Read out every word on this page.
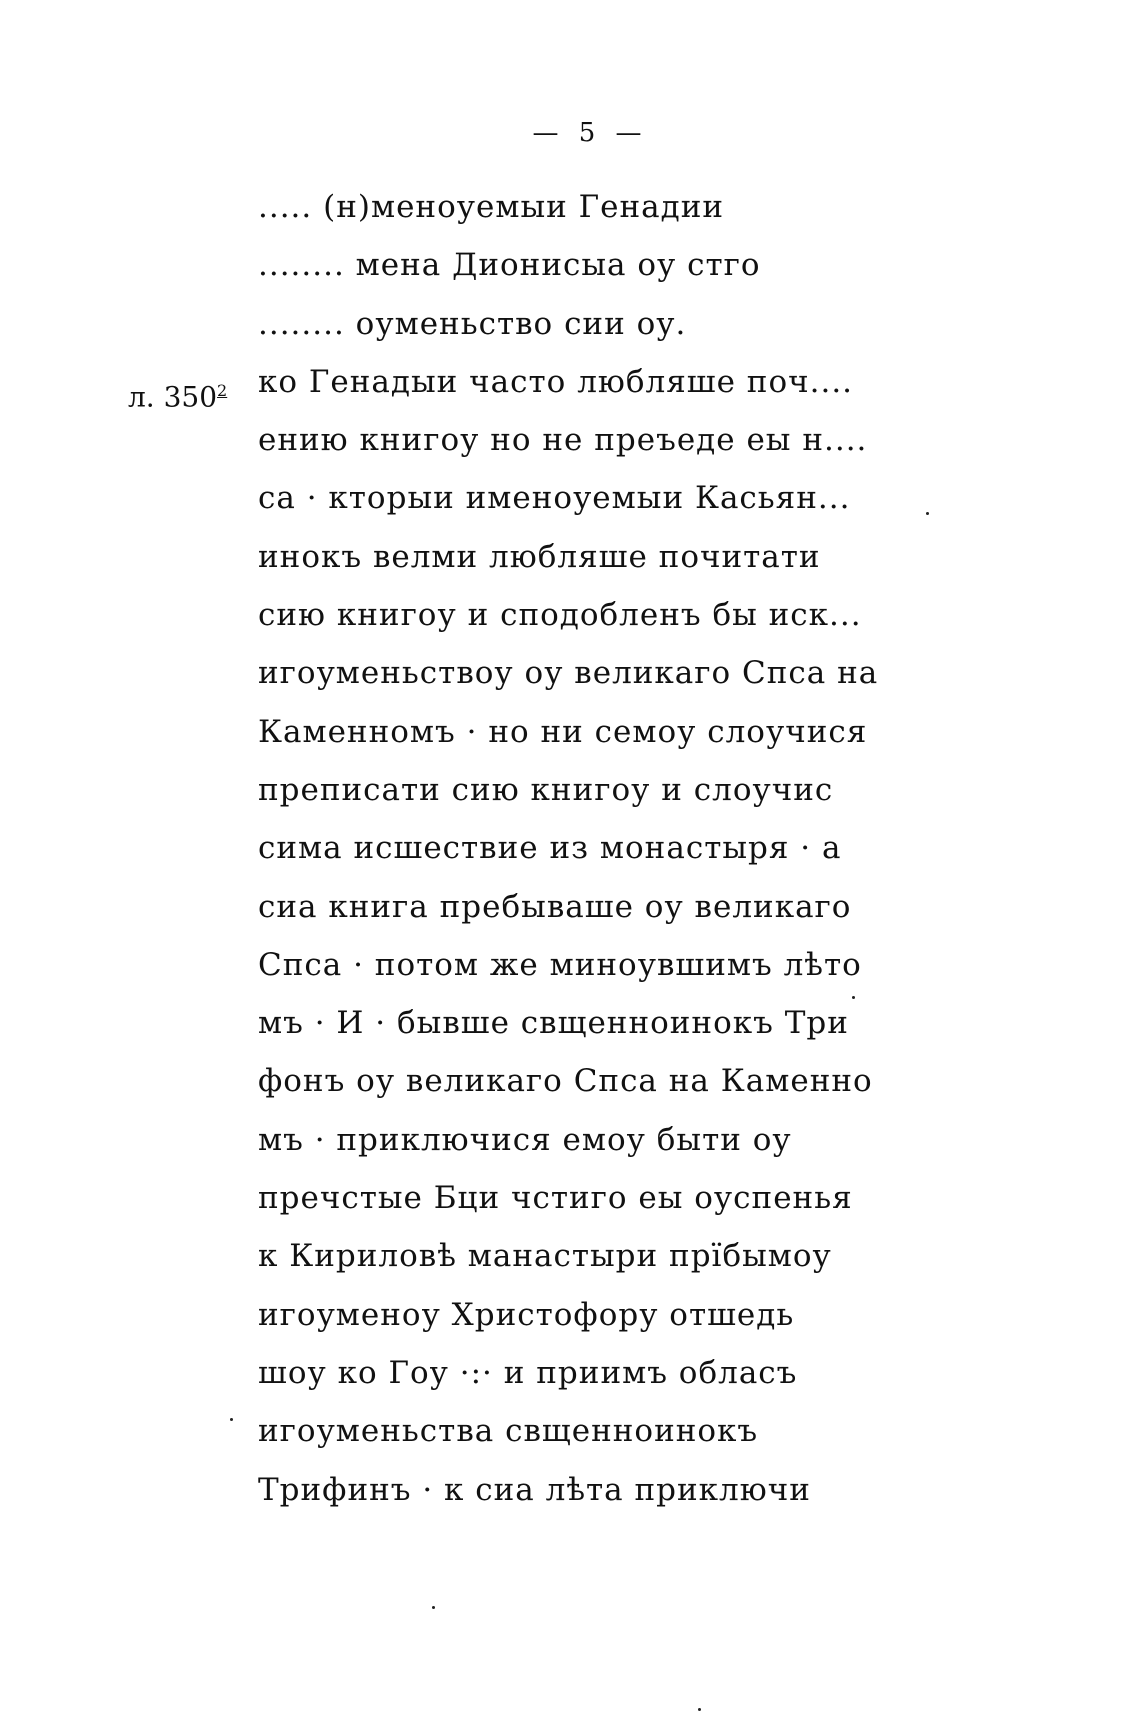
— 5 —
л. $350^2$
..... (н)меноуемыи Генадии
........ мена Дионисыа оу стго
........ оуменьство сии оу.
ко Генадыи часто любляше поч....
ению книгоу но не преъеде еы н....
са · кторыи именоуемыи Касьян...
инокъ велми любляше почитати
сию книгоу и сподобленъ бы иск...
игоуменьствоу оу великаго Спса на
Каменномъ · но ни семоу слоучися
преписати сию книгоу и слоучис
сима исшествие из монастыря · а
сиа книга пребываше оу великаго
Спса · потом же миноувшимъ лѣто
мъ · И · бывше свщенноинокъ Три
фонъ оу великаго Спса на Каменно
мъ · приключися емоу быти оу
пречстые Бци чстиго еы оуспенья
к Кириловѣ манастыри прїбымоу
игоуменоу Христофору отшедь
шоу ко Гоу ·:· и приимъ обласъ
игоуменьства свщенноинокъ
Трифинъ · к сиа лѣта приключи
